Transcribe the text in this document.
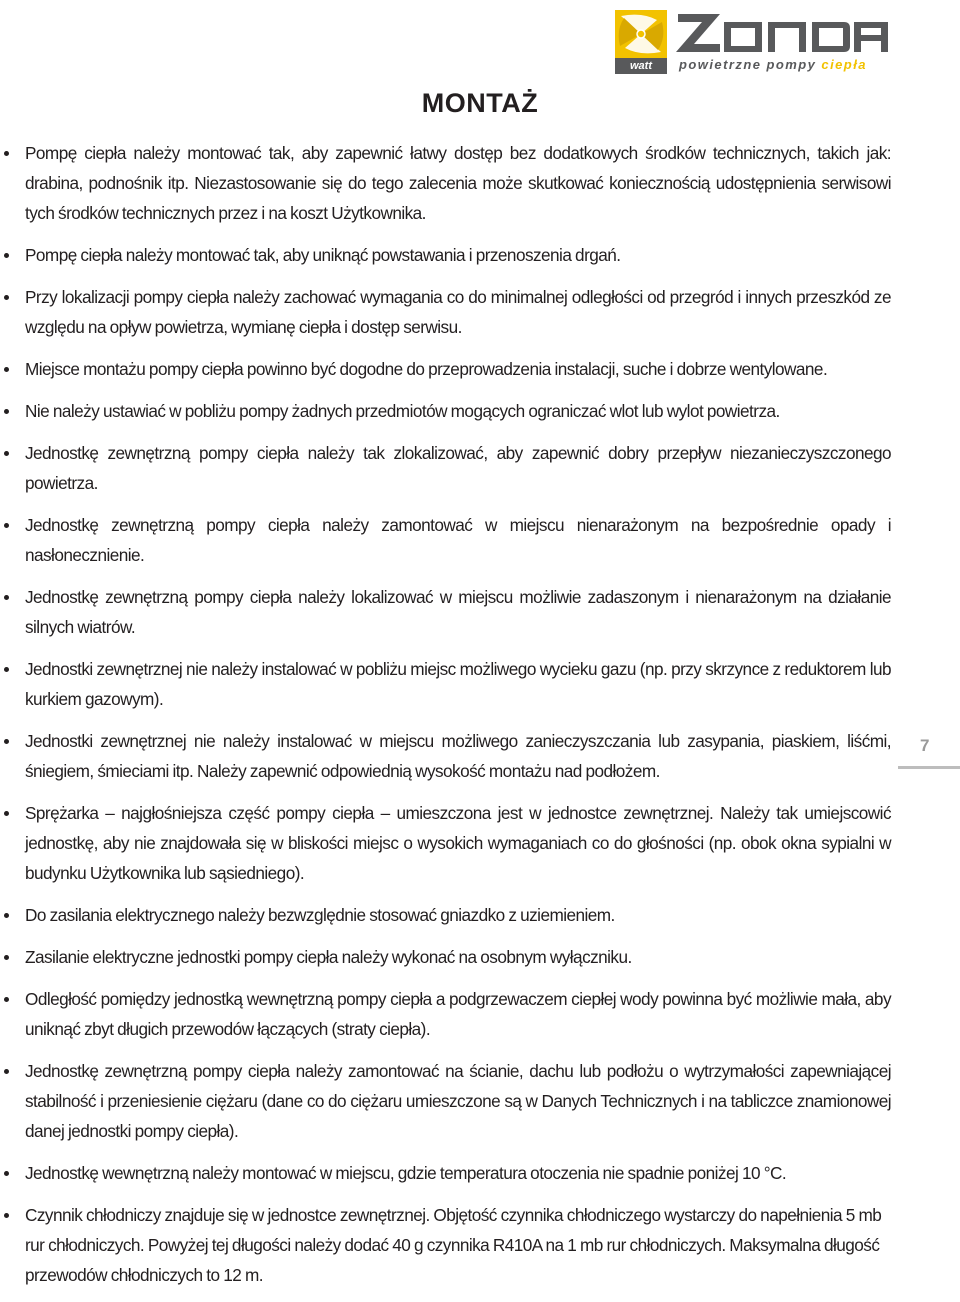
watt	powietrzne pompy ciepła
MONTAŻ
Pompę ciepła należy montować tak, aby zapewnić łatwy dostęp bez dodatkowych środków technicznych, takich jak: drabina, podnośnik itp. Niezastosowanie się do tego zalecenia może skutkować koniecznością udostępnienia serwisowi tych środków technicznych przez i na koszt Użytkownika.
Pompę ciepła należy montować tak, aby uniknąć powstawania i przenoszenia drgań.
Przy lokalizacji pompy ciepła należy zachować wymagania co do minimalnej odległości od przegród i innych przeszkód ze względu na opływ powietrza, wymianę ciepła i dostęp serwisu.
Miejsce montażu pompy ciepła powinno być dogodne do przeprowadzenia instalacji, suche i dobrze wentylowane.
Nie należy ustawiać w pobliżu pompy żadnych przedmiotów mogących ograniczać wlot lub wylot powietrza.
Jednostkę zewnętrzną pompy ciepła należy tak zlokalizować, aby zapewnić dobry przepływ niezanieczyszczonego powietrza.
Jednostkę zewnętrzną pompy ciepła należy zamontować w miejscu nienarażonym na bezpośrednie opady i nasłonecznienie.
Jednostkę zewnętrzną pompy ciepła należy lokalizować w miejscu możliwie zadaszonym i nienarażonym na działanie silnych wiatrów.
Jednostki zewnętrznej nie należy instalować w pobliżu miejsc możliwego wycieku gazu (np. przy skrzynce z reduktorem lub kurkiem gazowym).
Jednostki zewnętrznej nie należy instalować w miejscu możliwego zanieczyszczania lub zasypania, piaskiem, liśćmi, śniegiem, śmieciami itp. Należy zapewnić odpowiednią wysokość montażu nad podłożem.
Sprężarka – najgłośniejsza część pompy ciepła – umieszczona jest w jednostce zewnętrznej. Należy tak umiejscowić jednostkę, aby nie znajdowała się w bliskości miejsc o wysokich wymaganiach co do głośności (np. obok okna sypialni w budynku Użytkownika lub sąsiedniego).
Do zasilania elektrycznego należy bezwzględnie stosować gniazdko z uziemieniem.
Zasilanie elektryczne jednostki pompy ciepła należy wykonać na osobnym wyłączniku.
Odległość pomiędzy jednostką wewnętrzną pompy ciepła a podgrzewaczem ciepłej wody powinna być możliwie mała, aby uniknąć zbyt długich przewodów łączących (straty ciepła).
Jednostkę zewnętrzną pompy ciepła należy zamontować na ścianie, dachu lub podłożu o wytrzymałości zapewniającej stabilność i przeniesienie ciężaru (dane co do ciężaru umieszczone są w Danych Technicznych i na tabliczce znamionowej danej jednostki pompy ciepła).
Jednostkę wewnętrzną należy montować w miejscu, gdzie temperatura otoczenia nie spadnie poniżej 10 °C.
Czynnik chłodniczy znajduje się w jednostce zewnętrznej. Objętość czynnika chłodniczego wystarczy do napełnienia 5 mb rur chłodniczych. Powyżej tej długości należy dodać 40 g czynnika R410A na 1 mb rur chłodniczych. Maksymalna długość przewodów chłodniczych to 12 m.
7
